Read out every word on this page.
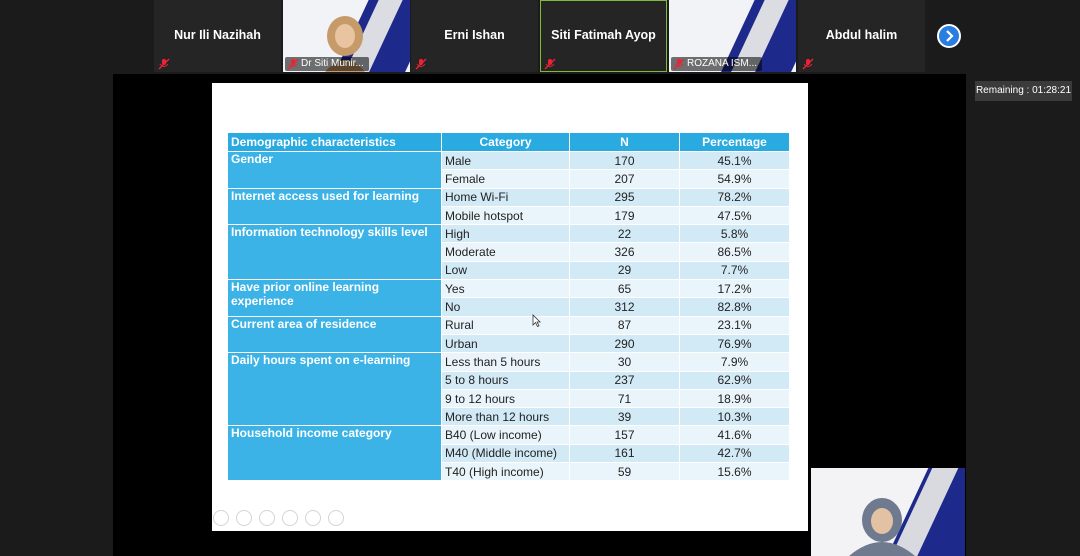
Nur Ili Nazihah
Dr Siti Munir...
Erni Ishan	Siti Fatimah Ayop
ROZANA ISM...
Abdul halim
Remaining : 01:28:21
Demographic characteristics	Category	N	Percentage
Gender	Male	170	45.1%
	Female	207	54.9%
Internet access used for learning	Home Wi-Fi	295	78.2%
	Mobile hotspot	179	47.5%
Information technology skills level	High	22	5.8%
	Moderate	326	86.5%
	Low	29	7.7%
Have prior online learning experience	Yes	65	17.2%
	No	312	82.8%
Current area of residence	Rural	87	23.1%
	Urban	290	76.9%
Daily hours spent on e-learning	Less than 5 hours	30	7.9%
	5 to 8 hours	237	62.9%
	9 to 12 hours	71	18.9%
	More than 12 hours	39	10.3%
Household income category	B40 (Low income)	157	41.6%
	M40 (Middle income)	161	42.7%
	T40 (High income)	59	15.6%
